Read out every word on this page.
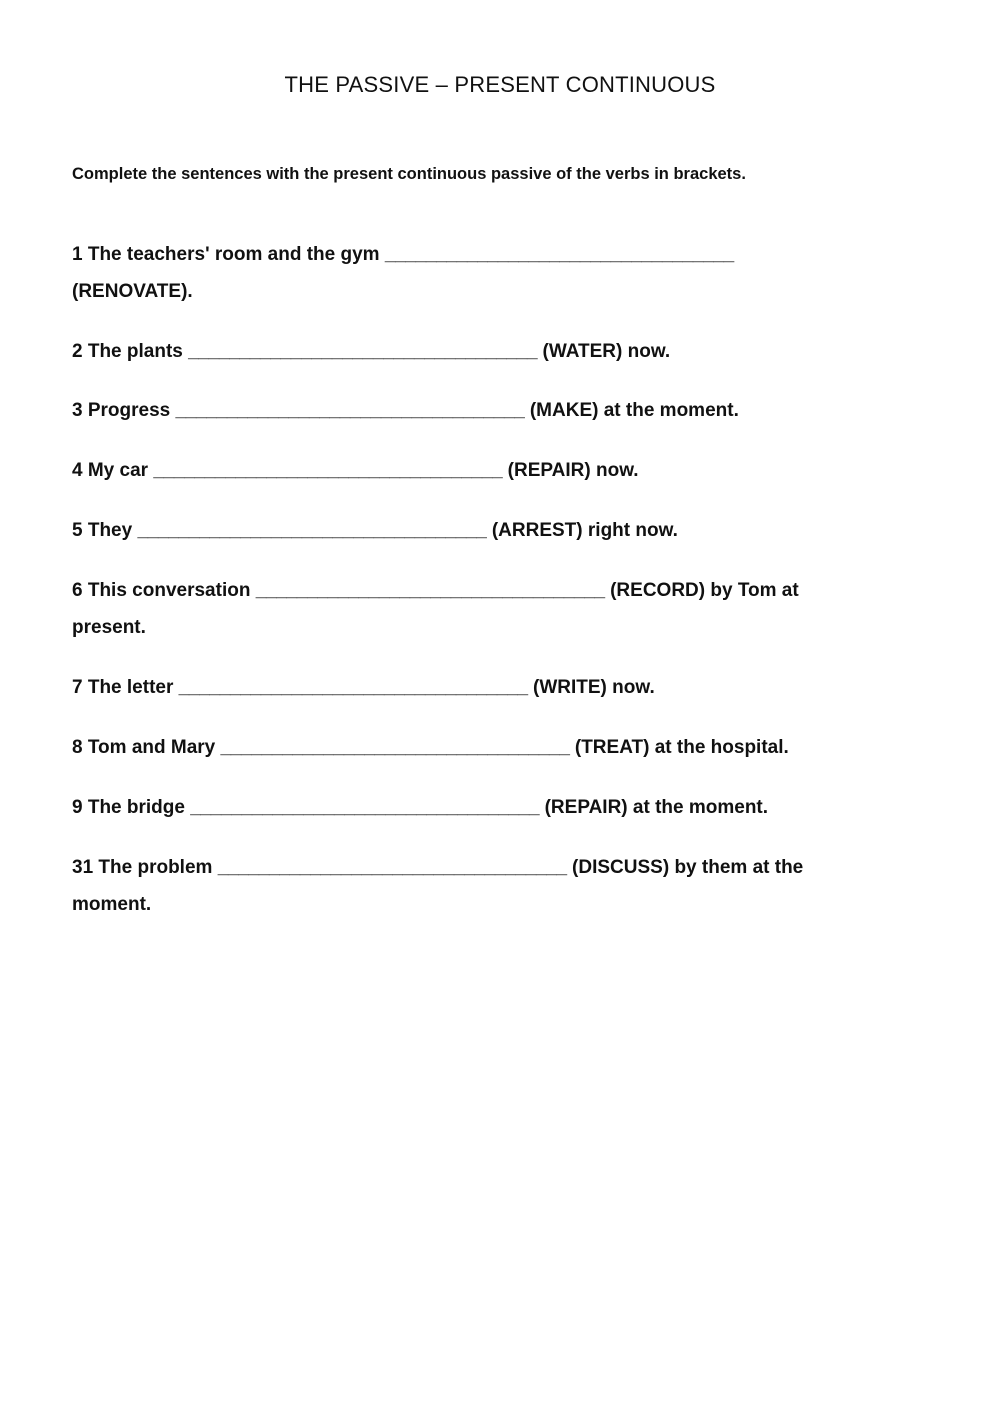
THE PASSIVE – PRESENT CONTINUOUS
Complete the sentences with the present continuous passive of the verbs in brackets.
1 The teachers' room and the gym __________________________________
(RENOVATE).
2 The plants __________________________________ (WATER) now.
3 Progress __________________________________ (MAKE) at the moment.
4 My car __________________________________ (REPAIR) now.
5 They __________________________________ (ARREST) right now.
6 This conversation __________________________________ (RECORD) by Tom at
present.
7 The letter __________________________________ (WRITE) now.
8 Tom and Mary __________________________________ (TREAT) at the hospital.
9 The bridge __________________________________ (REPAIR) at the moment.
31 The problem __________________________________ (DISCUSS) by them at the
moment.
